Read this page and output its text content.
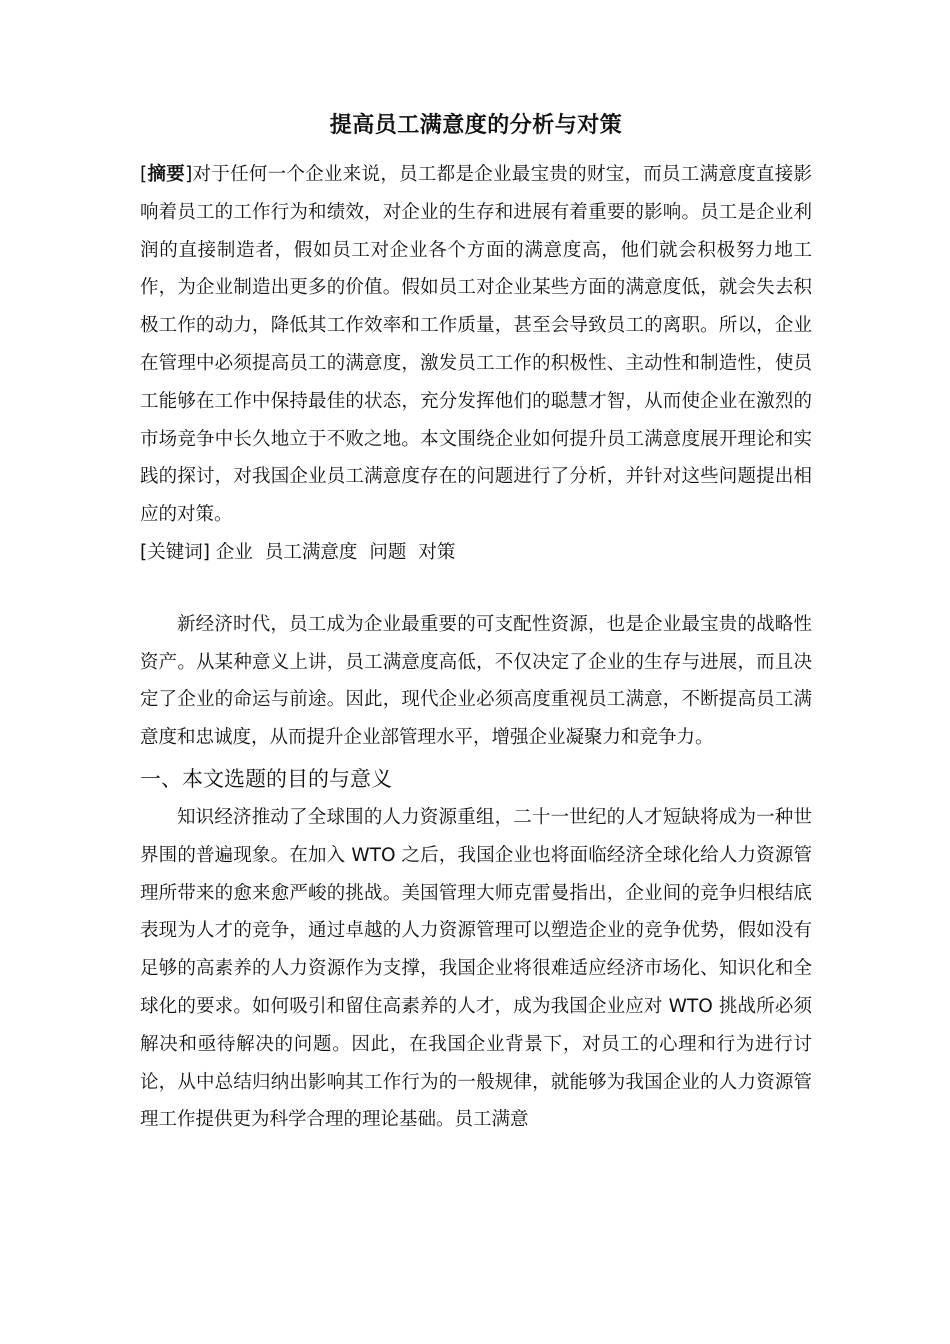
提高员工满意度的分析与对策

[摘要]对于任何一个企业来说，员工都是企业最宝贵的财宝，而员工满意度直接影响着员工的工作行为和绩效，对企业的生存和进展有着重要的影响。员工是企业利润的直接制造者，假如员工对企业各个方面的满意度高，他们就会积极努力地工作，为企业制造出更多的价值。假如员工对企业某些方面的满意度低，就会失去积极工作的动力，降低其工作效率和工作质量，甚至会导致员工的离职。所以，企业在管理中必须提高员工的满意度，激发员工工作的积极性、主动性和制造性，使员工能够在工作中保持最佳的状态，充分发挥他们的聪慧才智，从而使企业在激烈的市场竞争中长久地立于不败之地。本文围绕企业如何提升员工满意度展开理论和实践的探讨，对我国企业员工满意度存在的问题进行了分析，并针对这些问题提出相应的对策。

[关键词] 企业 员工满意度 问题 对策

新经济时代，员工成为企业最重要的可支配性资源，也是企业最宝贵的战略性资产。从某种意义上讲，员工满意度高低，不仅决定了企业的生存与进展，而且决定了企业的命运与前途。因此，现代企业必须高度重视员工满意，不断提高员工满意度和忠诚度，从而提升企业部管理水平，增强企业凝聚力和竞争力。

一、本文选题的目的与意义

知识经济推动了全球围的人力资源重组，二十一世纪的人才短缺将成为一种世界围的普遍现象。在加入 WTO 之后，我国企业也将面临经济全球化给人力资源管理所带来的愈来愈严峻的挑战。美国管理大师克雷曼指出，企业间的竞争归根结底表现为人才的竞争，通过卓越的人力资源管理可以塑造企业的竞争优势，假如没有足够的高素养的人力资源作为支撑，我国企业将很难适应经济市场化、知识化和全球化的要求。如何吸引和留住高素养的人才，成为我国企业应对 WTO 挑战所必须解决和亟待解决的问题。因此，在我国企业背景下，对员工的心理和行为进行讨论，从中总结归纳出影响其工作行为的一般规律，就能够为我国企业的人力资源管理工作提供更为科学合理的理论基础。员工满意
